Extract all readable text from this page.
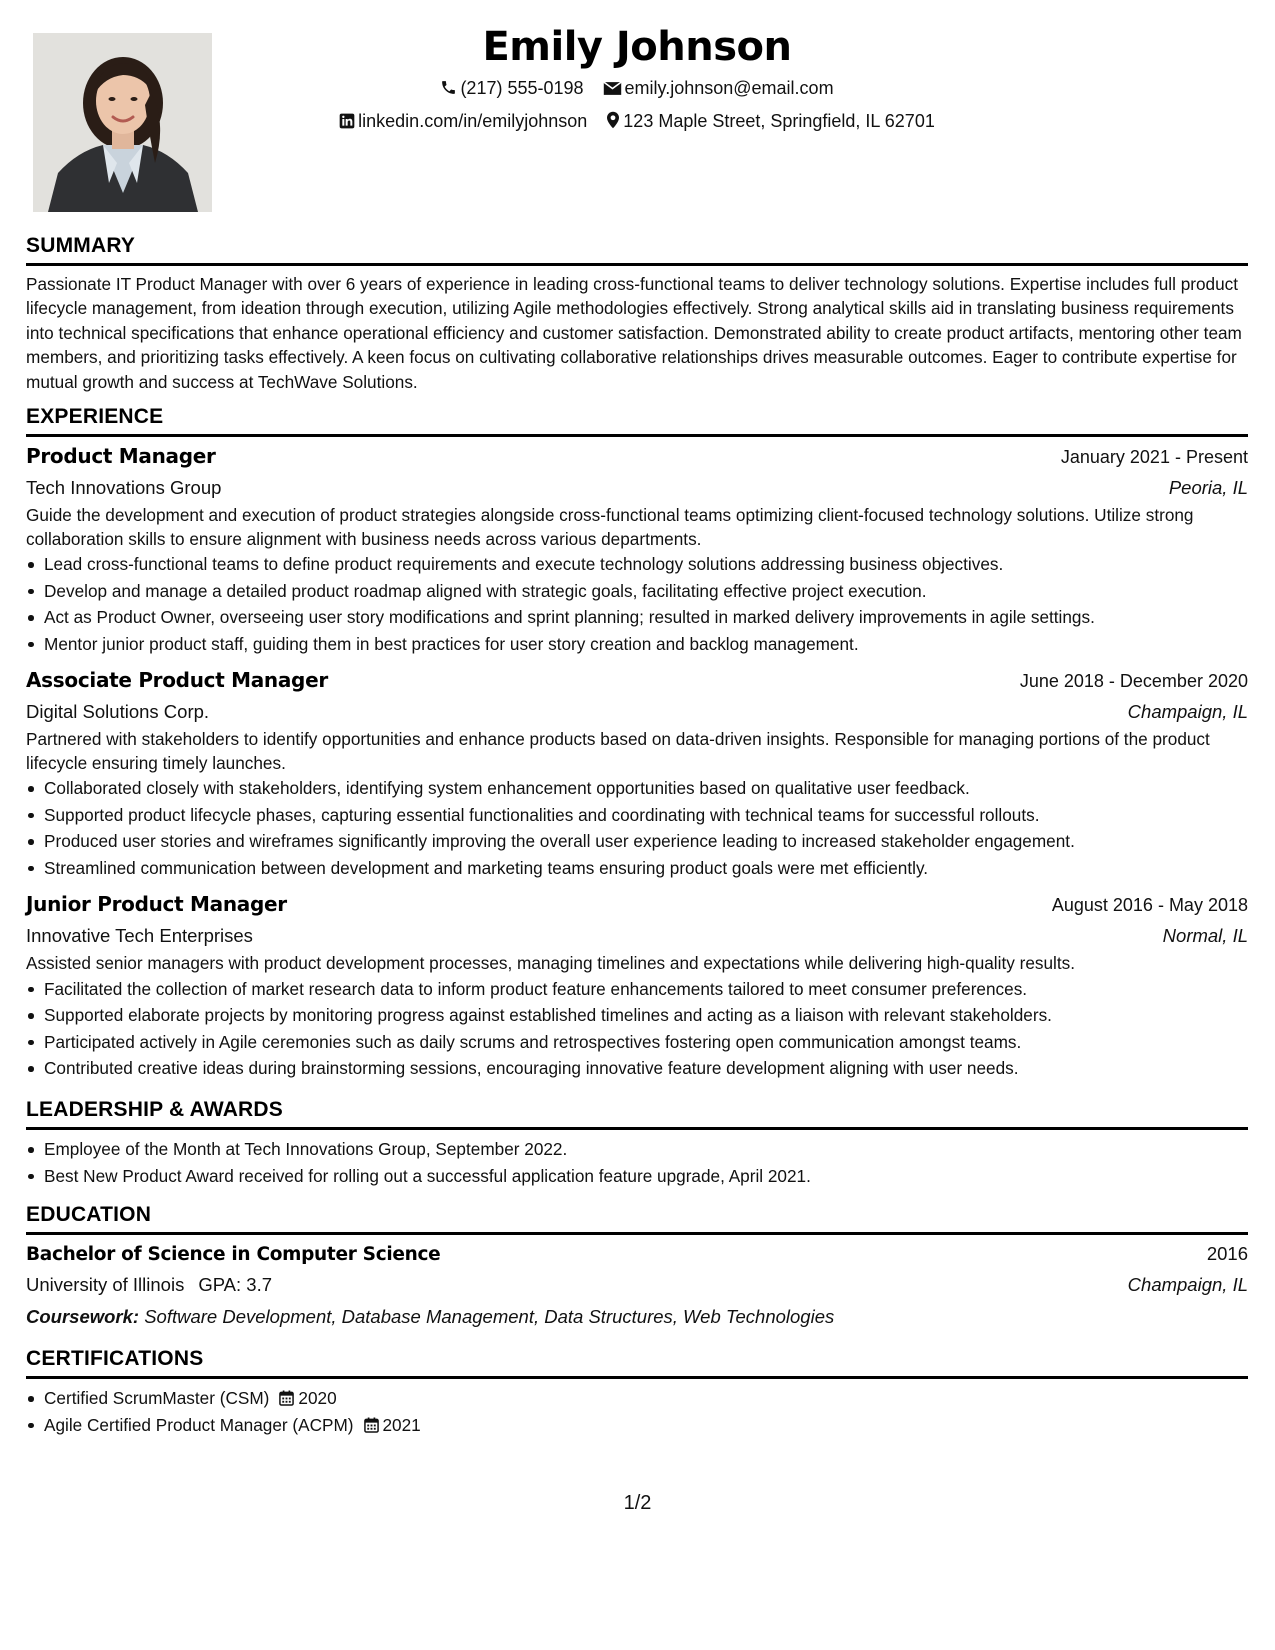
Emily Johnson
(217) 555-0198 emily.johnson@email.com
linkedin.com/in/emilyjohnson 123 Maple Street, Springfield, IL 62701
SUMMARY
Passionate IT Product Manager with over 6 years of experience in leading cross-functional teams to deliver technology solutions. Expertise includes full product lifecycle management, from ideation through execution, utilizing Agile methodologies effectively. Strong analytical skills aid in translating business requirements into technical specifications that enhance operational efficiency and customer satisfaction. Demonstrated ability to create product artifacts, mentoring other team members, and prioritizing tasks effectively. A keen focus on cultivating collaborative relationships drives measurable outcomes. Eager to contribute expertise for mutual growth and success at TechWave Solutions.
EXPERIENCE
Product Manager	January 2021 - Present
Tech Innovations Group	Peoria, IL
Guide the development and execution of product strategies alongside cross-functional teams optimizing client-focused technology solutions. Utilize strong collaboration skills to ensure alignment with business needs across various departments.
Lead cross-functional teams to define product requirements and execute technology solutions addressing business objectives.
Develop and manage a detailed product roadmap aligned with strategic goals, facilitating effective project execution.
Act as Product Owner, overseeing user story modifications and sprint planning; resulted in marked delivery improvements in agile settings.
Mentor junior product staff, guiding them in best practices for user story creation and backlog management.
Associate Product Manager	June 2018 - December 2020
Digital Solutions Corp.	Champaign, IL
Partnered with stakeholders to identify opportunities and enhance products based on data-driven insights. Responsible for managing portions of the product lifecycle ensuring timely launches.
Collaborated closely with stakeholders, identifying system enhancement opportunities based on qualitative user feedback.
Supported product lifecycle phases, capturing essential functionalities and coordinating with technical teams for successful rollouts.
Produced user stories and wireframes significantly improving the overall user experience leading to increased stakeholder engagement.
Streamlined communication between development and marketing teams ensuring product goals were met efficiently.
Junior Product Manager	August 2016 - May 2018
Innovative Tech Enterprises	Normal, IL
Assisted senior managers with product development processes, managing timelines and expectations while delivering high-quality results.
Facilitated the collection of market research data to inform product feature enhancements tailored to meet consumer preferences.
Supported elaborate projects by monitoring progress against established timelines and acting as a liaison with relevant stakeholders.
Participated actively in Agile ceremonies such as daily scrums and retrospectives fostering open communication amongst teams.
Contributed creative ideas during brainstorming sessions, encouraging innovative feature development aligning with user needs.
LEADERSHIP & AWARDS
Employee of the Month at Tech Innovations Group, September 2022.
Best New Product Award received for rolling out a successful application feature upgrade, April 2021.
EDUCATION
Bachelor of Science in Computer Science	2016
University of Illinois GPA: 3.7	Champaign, IL
Coursework: Software Development, Database Management, Data Structures, Web Technologies
CERTIFICATIONS
Certified ScrumMaster (CSM) 2020
Agile Certified Product Manager (ACPM) 2021
1/2
